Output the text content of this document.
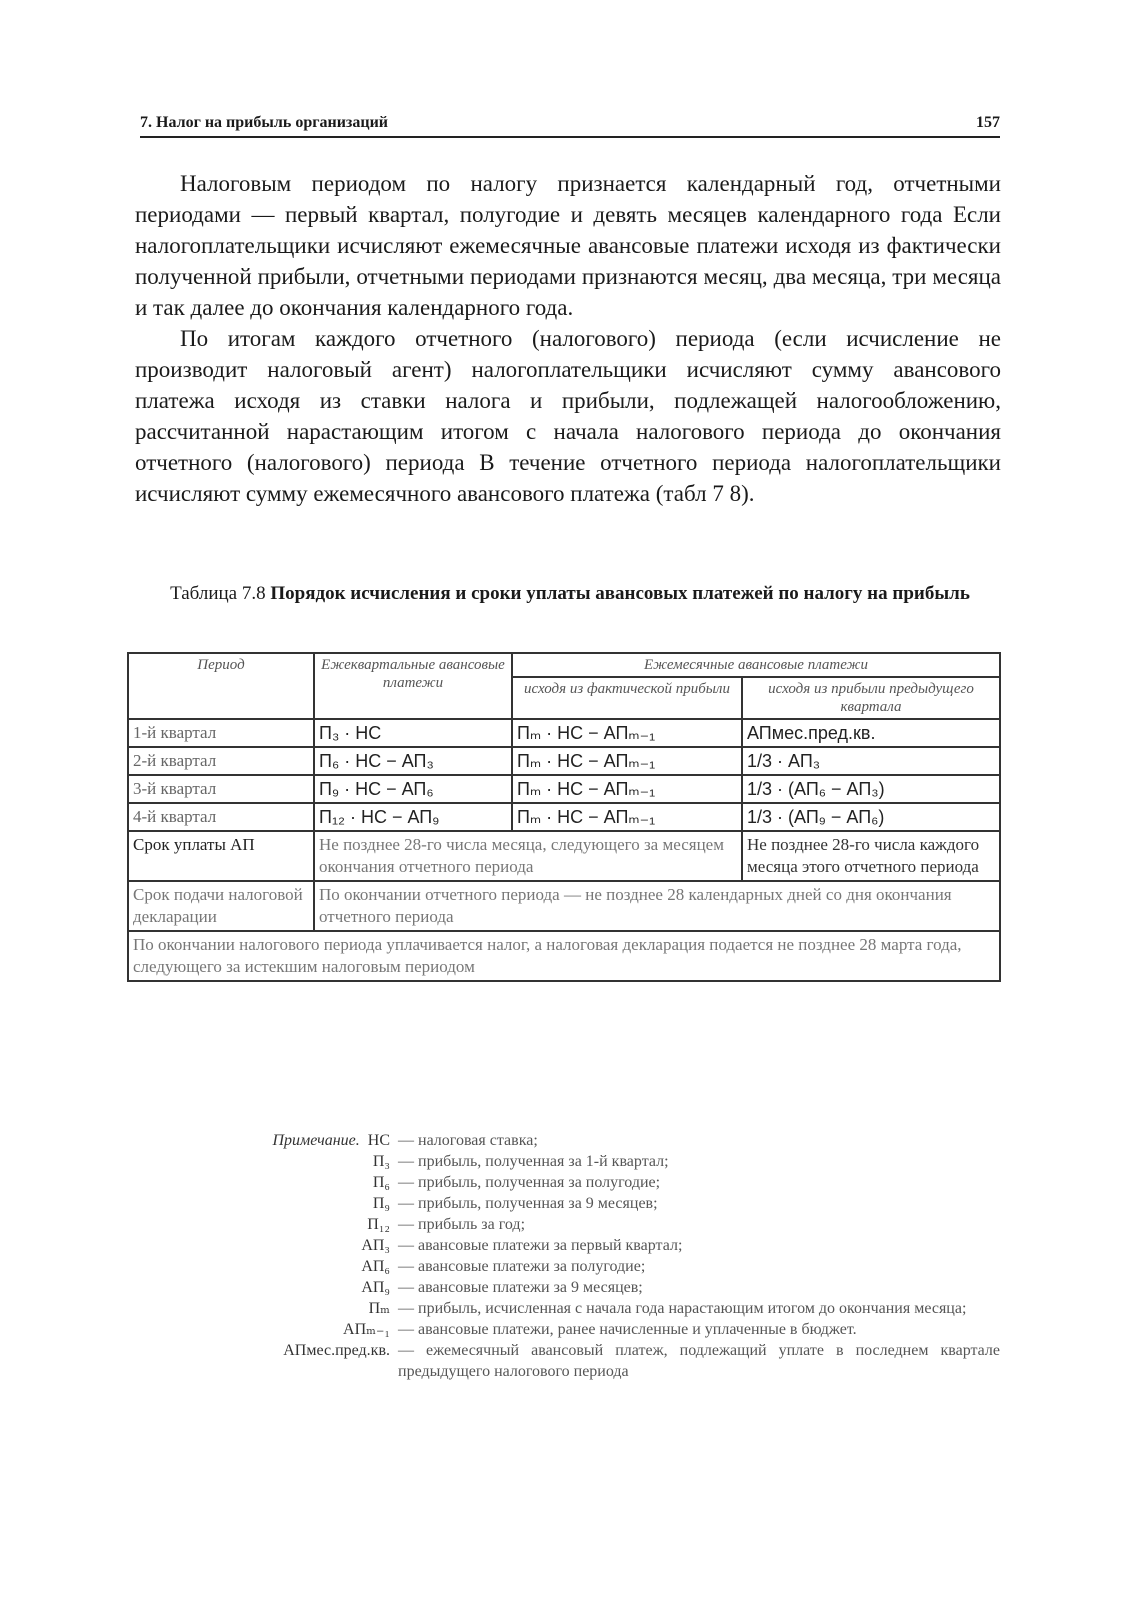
7. Налог на прибыль организаций	157

Налоговым периодом по налогу признается календарный год, отчетными периодами — первый квартал, полугодие и девять месяцев календарного года Если налогоплательщики исчисляют ежемесячные авансовые платежи исходя из фактически полученной прибыли, отчетными периодами признаются месяц, два месяца, три месяца и так далее до окончания календарного года.

По итогам каждого отчетного (налогового) периода (если исчисление не производит налоговый агент) налогоплательщики исчисляют сумму авансового платежа исходя из ставки налога и прибыли, подлежащей налогообложению, рассчитанной нарастающим итогом с начала налогового периода до окончания отчетного (налогового) периода В течение отчетного периода налогоплательщики исчисляют сумму ежемесячного авансового платежа (табл 7 8).

Таблица 7.8 Порядок исчисления и сроки уплаты авансовых платежей по налогу на прибыль
Период	Ежеквартальные авансовые платежи	Ежемесячные авансовые платежи	
		исходя из фактической прибыли	исходя из прибыли предыдущего квартала
1-й квартал	П₃ · НС	Пₘ · НС − АПₘ₋₁	АПмес.пред.кв.
2-й квартал	П₆ · НС − АП₃	Пₘ · НС − АПₘ₋₁	1/3 · АП₃
3-й квартал	П₉ · НС − АП₆	Пₘ · НС − АПₘ₋₁	1/3 · (АП₆ − АП₃)
4-й квартал	П₁₂ · НС − АП₉	Пₘ · НС − АПₘ₋₁	1/3 · (АП₉ − АП₆)
Срок уплаты АП	Не позднее 28-го числа месяца, следующего за месяцем окончания отчетного периода		Не позднее 28-го числа каждого месяца этого отчетного периода
Срок подачи налоговой декларации	По окончании отчетного периода — не позднее 28 календарных дней со дня окончания отчетного периода		
По окончании налогового периода уплачивается налог, а налоговая декларация подается не позднее 28 марта года, следующего за истекшим налоговым периодом			
Примечание. НС — налоговая ставка;
П₃ — прибыль, полученная за 1-й квартал;
П₆ — прибыль, полученная за полугодие;
П₉ — прибыль, полученная за 9 месяцев;
П₁₂ — прибыль за год;
АП₃ — авансовые платежи за первый квартал;
АП₆ — авансовые платежи за полугодие;
АП₉ — авансовые платежи за 9 месяцев;
Пₘ — прибыль, исчисленная с начала года нарастающим итогом до окончания месяца;
АПₘ₋₁ — авансовые платежи, ранее начисленные и уплаченные в бюджет.
АПмес.пред.кв. — ежемесячный авансовый платеж, подлежащий уплате в последнем квартале предыдущего налогового периода
